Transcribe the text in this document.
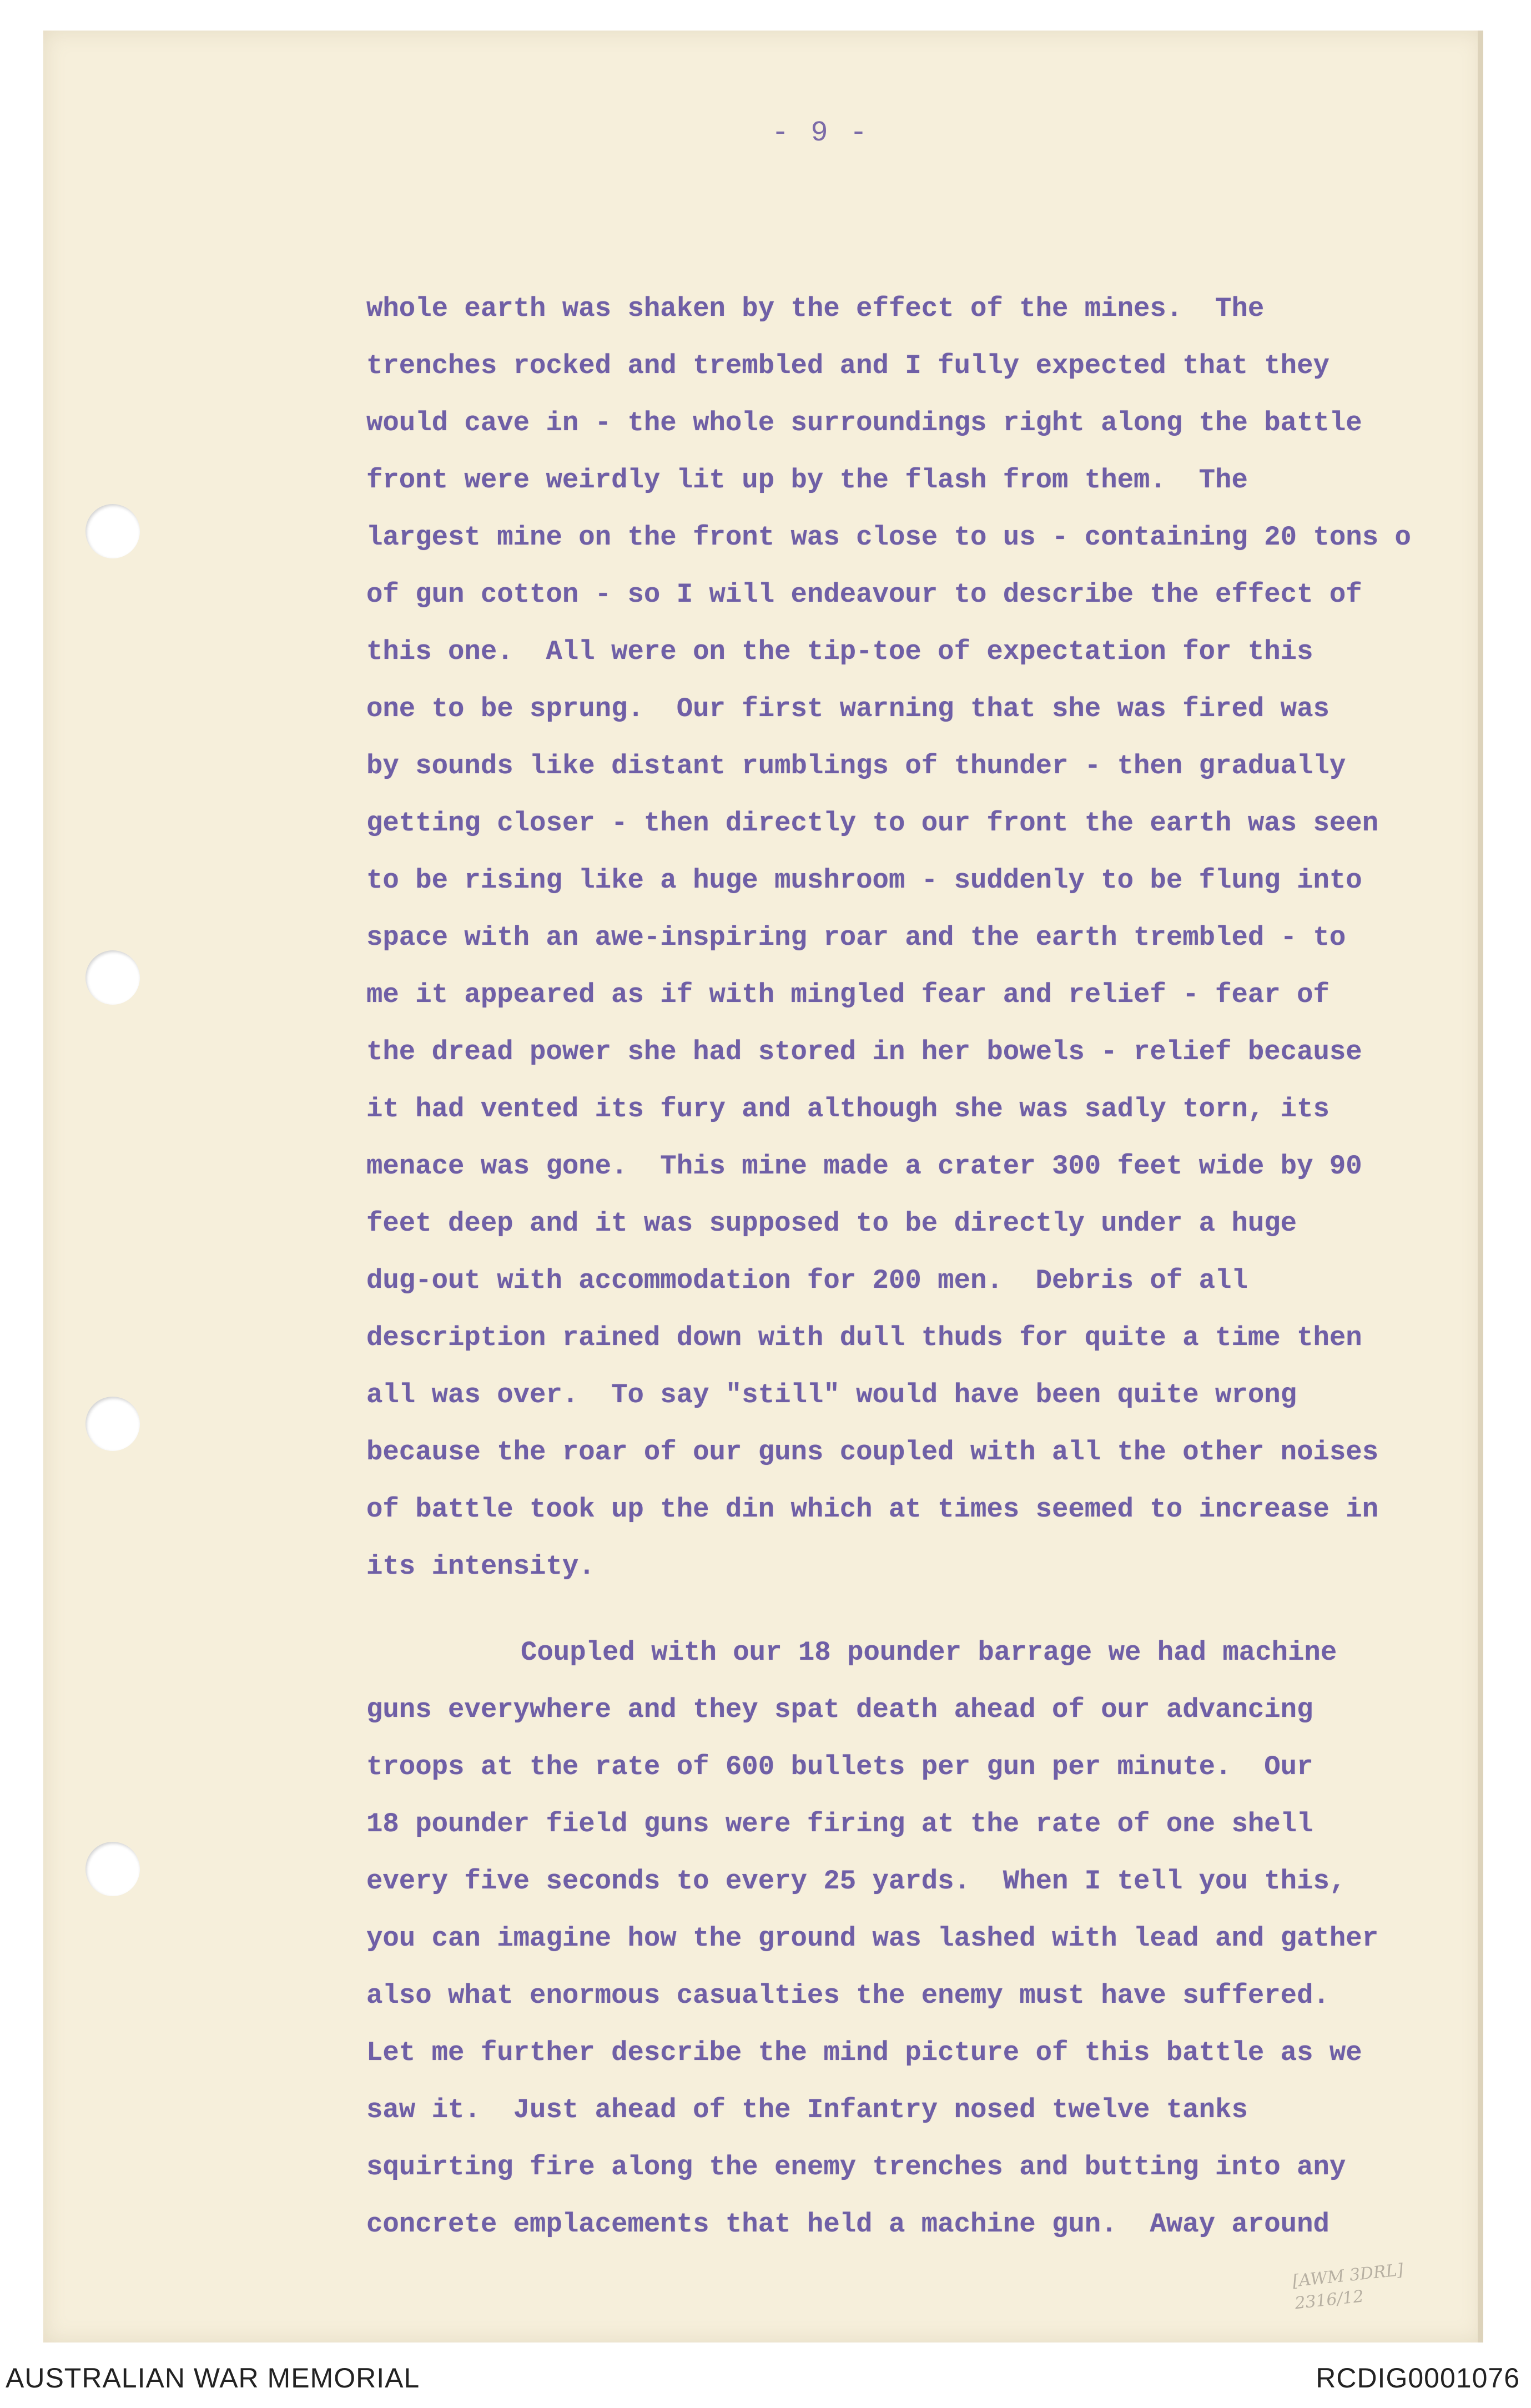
- 9 -
whole earth was shaken by the effect of the mines.  The
trenches rocked and trembled and I fully expected that they
would cave in - the whole surroundings right along the battle
front were weirdly lit up by the flash from them.  The
largest mine on the front was close to us - containing 20 tons o
of gun cotton - so I will endeavour to describe the effect of
this one.  All were on the tip-toe of expectation for this
one to be sprung.  Our first warning that she was fired was
by sounds like distant rumblings of thunder - then gradually
getting closer - then directly to our front the earth was seen
to be rising like a huge mushroom - suddenly to be flung into
space with an awe-inspiring roar and the earth trembled - to
me it appeared as if with mingled fear and relief - fear of
the dread power she had stored in her bowels - relief because
it had vented its fury and although she was sadly torn, its
menace was gone.  This mine made a crater 300 feet wide by 90
feet deep and it was supposed to be directly under a huge
dug-out with accommodation for 200 men.  Debris of all
description rained down with dull thuds for quite a time then
all was over.  To say "still" would have been quite wrong
because the roar of our guns coupled with all the other noises
of battle took up the din which at times seemed to increase in
its intensity.
Coupled with our 18 pounder barrage we had machine
guns everywhere and they spat death ahead of our advancing
troops at the rate of 600 bullets per gun per minute.  Our
18 pounder field guns were firing at the rate of one shell
every five seconds to every 25 yards.  When I tell you this,
you can imagine how the ground was lashed with lead and gather
also what enormous casualties the enemy must have suffered.
Let me further describe the mind picture of this battle as we
saw it.  Just ahead of the Infantry nosed twelve tanks
squirting fire along the enemy trenches and butting into any
concrete emplacements that held a machine gun.  Away around
[AWM 3DRL]
2316/12
AUSTRALIAN WAR MEMORIAL	RCDIG0001076
